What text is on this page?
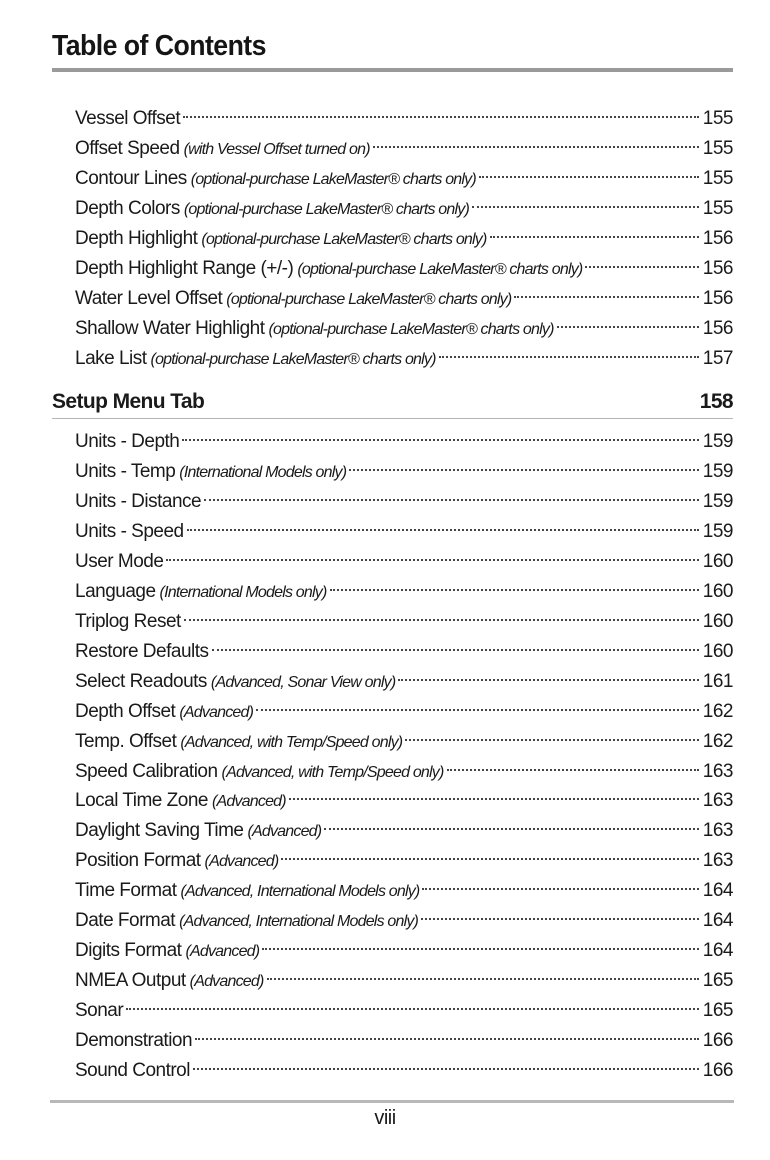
Table of Contents
Vessel Offset	155
Offset Speed (with Vessel Offset turned on)	155
Contour Lines (optional-purchase LakeMaster® charts only)	155
Depth Colors (optional-purchase LakeMaster® charts only)	155
Depth Highlight (optional-purchase LakeMaster® charts only)	156
Depth Highlight Range (+/-) (optional-purchase LakeMaster® charts only)	156
Water Level Offset (optional-purchase LakeMaster® charts only)	156
Shallow Water Highlight (optional-purchase LakeMaster® charts only)	156
Lake List (optional-purchase LakeMaster® charts only)	157
Setup Menu Tab	158
Units - Depth	159
Units - Temp (International Models only)	159
Units - Distance	159
Units - Speed	159
User Mode	160
Language (International Models only)	160
Triplog Reset	160
Restore Defaults	160
Select Readouts (Advanced, Sonar View only)	161
Depth Offset (Advanced)	162
Temp. Offset (Advanced, with Temp/Speed only)	162
Speed Calibration (Advanced, with Temp/Speed only)	163
Local Time Zone (Advanced)	163
Daylight Saving Time (Advanced)	163
Position Format (Advanced)	163
Time Format (Advanced, International Models only)	164
Date Format (Advanced, International Models only)	164
Digits Format (Advanced)	164
NMEA Output (Advanced)	165
Sonar	165
Demonstration	166
Sound Control	166
viii
